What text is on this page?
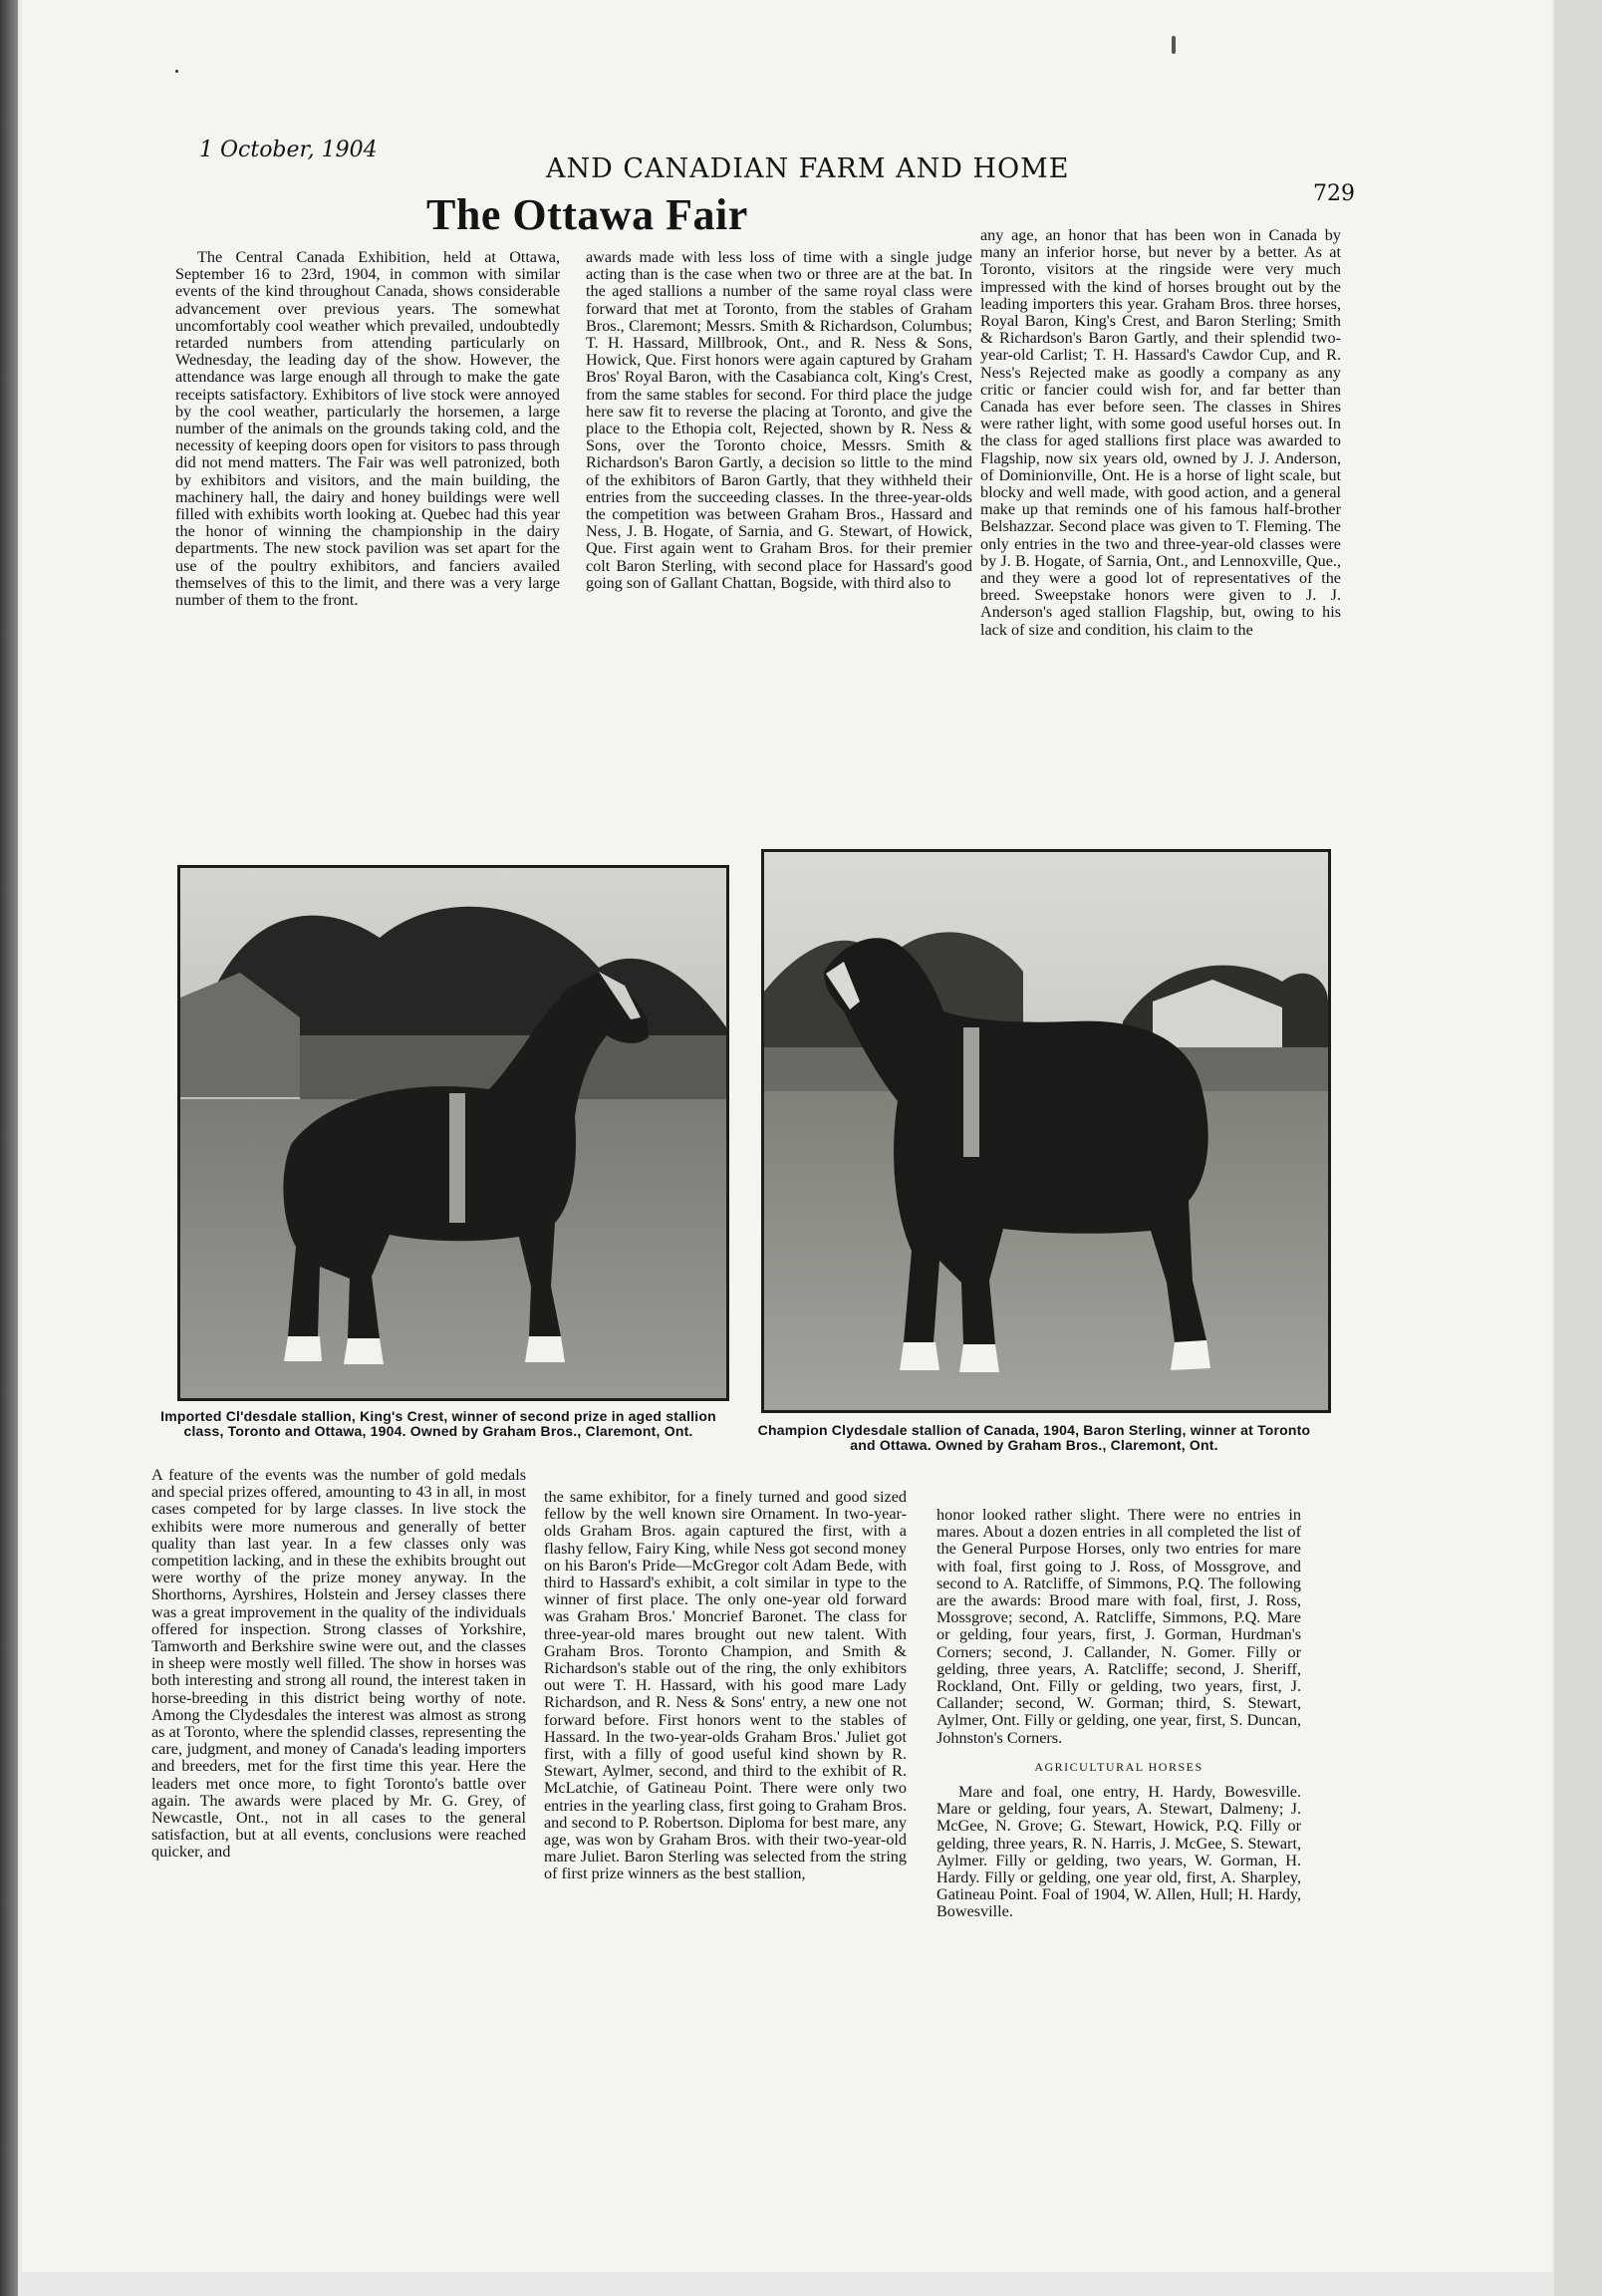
1 October, 1904
AND CANADIAN FARM AND HOME
729
The Ottawa Fair

The Central Canada Exhibition, held at Ottawa, September 16 to 23rd, 1904, in common with similar events of the kind throughout Canada, shows considerable advancement over previous years. The somewhat uncomfortably cool weather which prevailed, undoubtedly retarded numbers from attending particularly on Wednesday, the leading day of the show. However, the attendance was large enough all through to make the gate receipts satisfactory. Exhibitors of live stock were annoyed by the cool weather, particularly the horsemen, a large number of the animals on the grounds taking cold, and the necessity of keeping doors open for visitors to pass through did not mend matters. The Fair was well patronized, both by exhibitors and visitors, and the main building, the machinery hall, the dairy and honey buildings were well filled with exhibits worth looking at. Quebec had this year the honor of winning the championship in the dairy departments. The new stock pavilion was set apart for the use of the poultry exhibitors, and fanciers availed themselves of this to the limit, and there was a very large number of them to the front.

awards made with less loss of time with a single judge acting than is the case when two or three are at the bat. In the aged stallions a number of the same royal class were forward that met at Toronto, from the stables of Graham Bros., Claremont; Messrs. Smith & Richardson, Columbus; T. H. Hassard, Millbrook, Ont., and R. Ness & Sons, Howick, Que. First honors were again captured by Graham Bros' Royal Baron, with the Casabianca colt, King's Crest, from the same stables for second. For third place the judge here saw fit to reverse the placing at Toronto, and give the place to the Ethopia colt, Rejected, shown by R. Ness & Sons, over the Toronto choice, Messrs. Smith & Richardson's Baron Gartly, a decision so little to the mind of the exhibitors of Baron Gartly, that they withheld their entries from the succeeding classes. In the three-year-olds the competition was between Graham Bros., Hassard and Ness, J. B. Hogate, of Sarnia, and G. Stewart, of Howick, Que. First again went to Graham Bros. for their premier colt Baron Sterling, with second place for Hassard's good going son of Gallant Chattan, Bogside, with third also to

any age, an honor that has been won in Canada by many an inferior horse, but never by a better. As at Toronto, visitors at the ringside were very much impressed with the kind of horses brought out by the leading importers this year. Graham Bros. three horses, Royal Baron, King's Crest, and Baron Sterling; Smith & Richardson's Baron Gartly, and their splendid two-year-old Carlist; T. H. Hassard's Cawdor Cup, and R. Ness's Rejected make as goodly a company as any critic or fancier could wish for, and far better than Canada has ever before seen. The classes in Shires were rather light, with some good useful horses out. In the class for aged stallions first place was awarded to Flagship, now six years old, owned by J. J. Anderson, of Dominionville, Ont. He is a horse of light scale, but blocky and well made, with good action, and a general make up that reminds one of his famous half-brother Belshazzar. Second place was given to T. Fleming. The only entries in the two and three-year-old classes were by J. B. Hogate, of Sarnia, Ont., and Lennoxville, Que., and they were a good lot of representatives of the breed. Sweepstake honors were given to J. J. Anderson's aged stallion Flagship, but, owing to his lack of size and condition, his claim to the

Imported Cl'desdale stallion, King's Crest, winner of second prize in aged stallion class, Toronto and Ottawa, 1904. Owned by Graham Bros., Claremont, Ont.	Champion Clydesdale stallion of Canada, 1904, Baron Sterling, winner at Toronto and Ottawa. Owned by Graham Bros., Claremont, Ont.

A feature of the events was the number of gold medals and special prizes offered, amounting to 43 in all, in most cases competed for by large classes. In live stock the exhibits were more numerous and generally of better quality than last year. In a few classes only was competition lacking, and in these the exhibits brought out were worthy of the prize money anyway. In the Shorthorns, Ayrshires, Holstein and Jersey classes there was a great improvement in the quality of the individuals offered for inspection. Strong classes of Yorkshire, Tamworth and Berkshire swine were out, and the classes in sheep were mostly well filled. The show in horses was both interesting and strong all round, the interest taken in horse-breeding in this district being worthy of note. Among the Clydesdales the interest was almost as strong as at Toronto, where the splendid classes, representing the care, judgment, and money of Canada's leading importers and breeders, met for the first time this year. Here the leaders met once more, to fight Toronto's battle over again. The awards were placed by Mr. G. Grey, of Newcastle, Ont., not in all cases to the general satisfaction, but at all events, conclusions were reached quicker, and

the same exhibitor, for a finely turned and good sized fellow by the well known sire Ornament. In two-year-olds Graham Bros. again captured the first, with a flashy fellow, Fairy King, while Ness got second money on his Baron's Pride—McGregor colt Adam Bede, with third to Hassard's exhibit, a colt similar in type to the winner of first place. The only one-year old forward was Graham Bros.' Moncrief Baronet. The class for three-year-old mares brought out new talent. With Graham Bros. Toronto Champion, and Smith & Richardson's stable out of the ring, the only exhibitors out were T. H. Hassard, with his good mare Lady Richardson, and R. Ness & Sons' entry, a new one not forward before. First honors went to the stables of Hassard. In the two-year-olds Graham Bros.' Juliet got first, with a filly of good useful kind shown by R. Stewart, Aylmer, second, and third to the exhibit of R. McLatchie, of Gatineau Point. There were only two entries in the yearling class, first going to Graham Bros. and second to P. Robertson. Diploma for best mare, any age, was won by Graham Bros. with their two-year-old mare Juliet. Baron Sterling was selected from the string of first prize winners as the best stallion,

honor looked rather slight. There were no entries in mares. About a dozen entries in all completed the list of the General Purpose Horses, only two entries for mare with foal, first going to J. Ross, of Mossgrove, and second to A. Ratcliffe, of Simmons, P.Q. The following are the awards: Brood mare with foal, first, J. Ross, Mossgrove; second, A. Ratcliffe, Simmons, P.Q. Mare or gelding, four years, first, J. Gorman, Hurdman's Corners; second, J. Callander, N. Gomer. Filly or gelding, three years, A. Ratcliffe; second, J. Sheriff, Rockland, Ont. Filly or gelding, two years, first, J. Callander; second, W. Gorman; third, S. Stewart, Aylmer, Ont. Filly or gelding, one year, first, S. Duncan, Johnston's Corners.

AGRICULTURAL HORSES

Mare and foal, one entry, H. Hardy, Bowesville. Mare or gelding, four years, A. Stewart, Dalmeny; J. McGee, N. Grove; G. Stewart, Howick, P.Q. Filly or gelding, three years, R. N. Harris, J. McGee, S. Stewart, Aylmer. Filly or gelding, two years, W. Gorman, H. Hardy. Filly or gelding, one year old, first, A. Sharpley, Gatineau Point. Foal of 1904, W. Allen, Hull; H. Hardy, Bowesville.
